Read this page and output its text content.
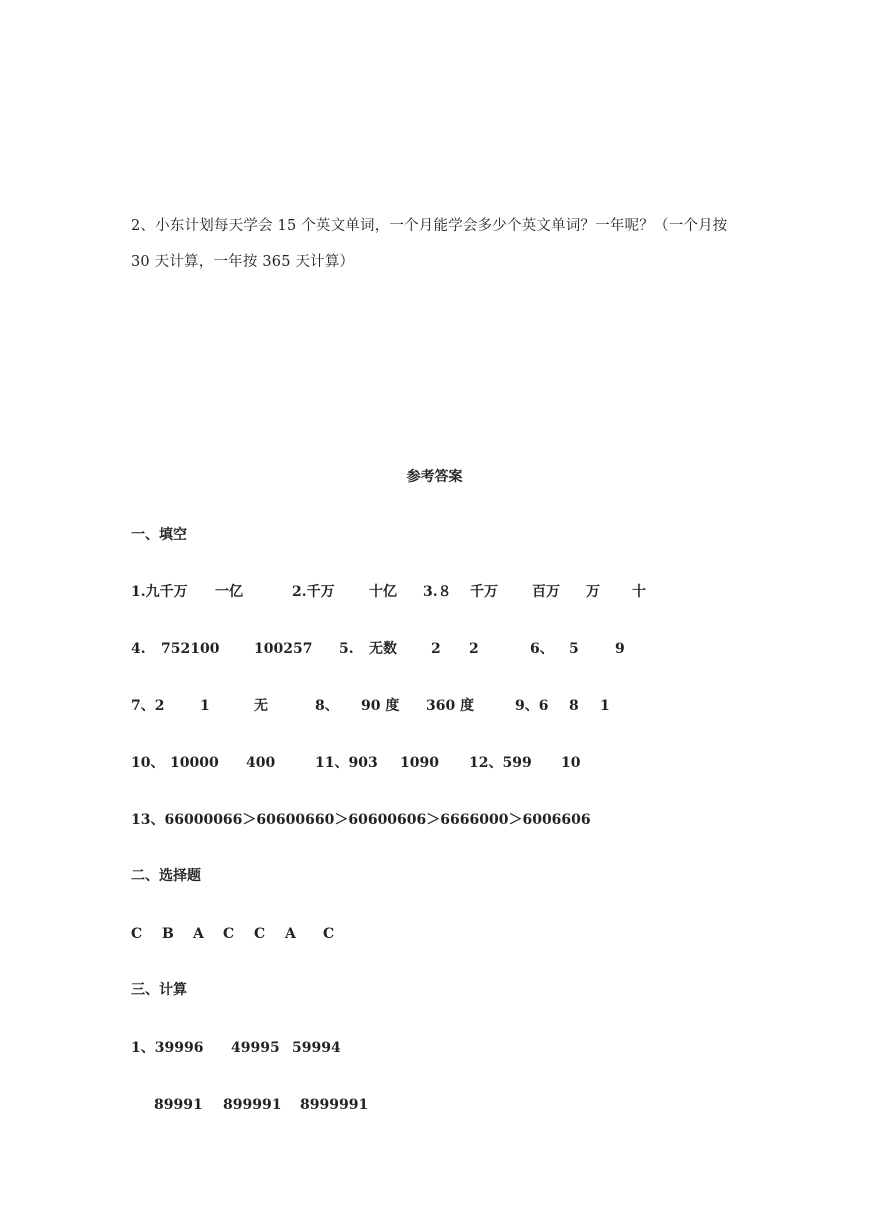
2、小东计划每天学会 15 个英文单词，一个月能学会多少个英文单词？一年呢？（一个月按
30 天计算，一年按 365 天计算）
参考答案
一、填空
1.九千万 一亿	2.千万 十亿 3.８ 千万 百万 万 十
4. 752100 100257 5. 无数 2 2	6、 5	9
7、2	1	无	8、 90 度 360 度	9、6 8 1
10、 10000 400	11、903 1090 12、599 10
13、66000066＞60600660＞60600606＞6666000＞6006606
二、选择题
C B A C C A C
三、计算
1、39996 49995 59994
89991 899991 8999991
